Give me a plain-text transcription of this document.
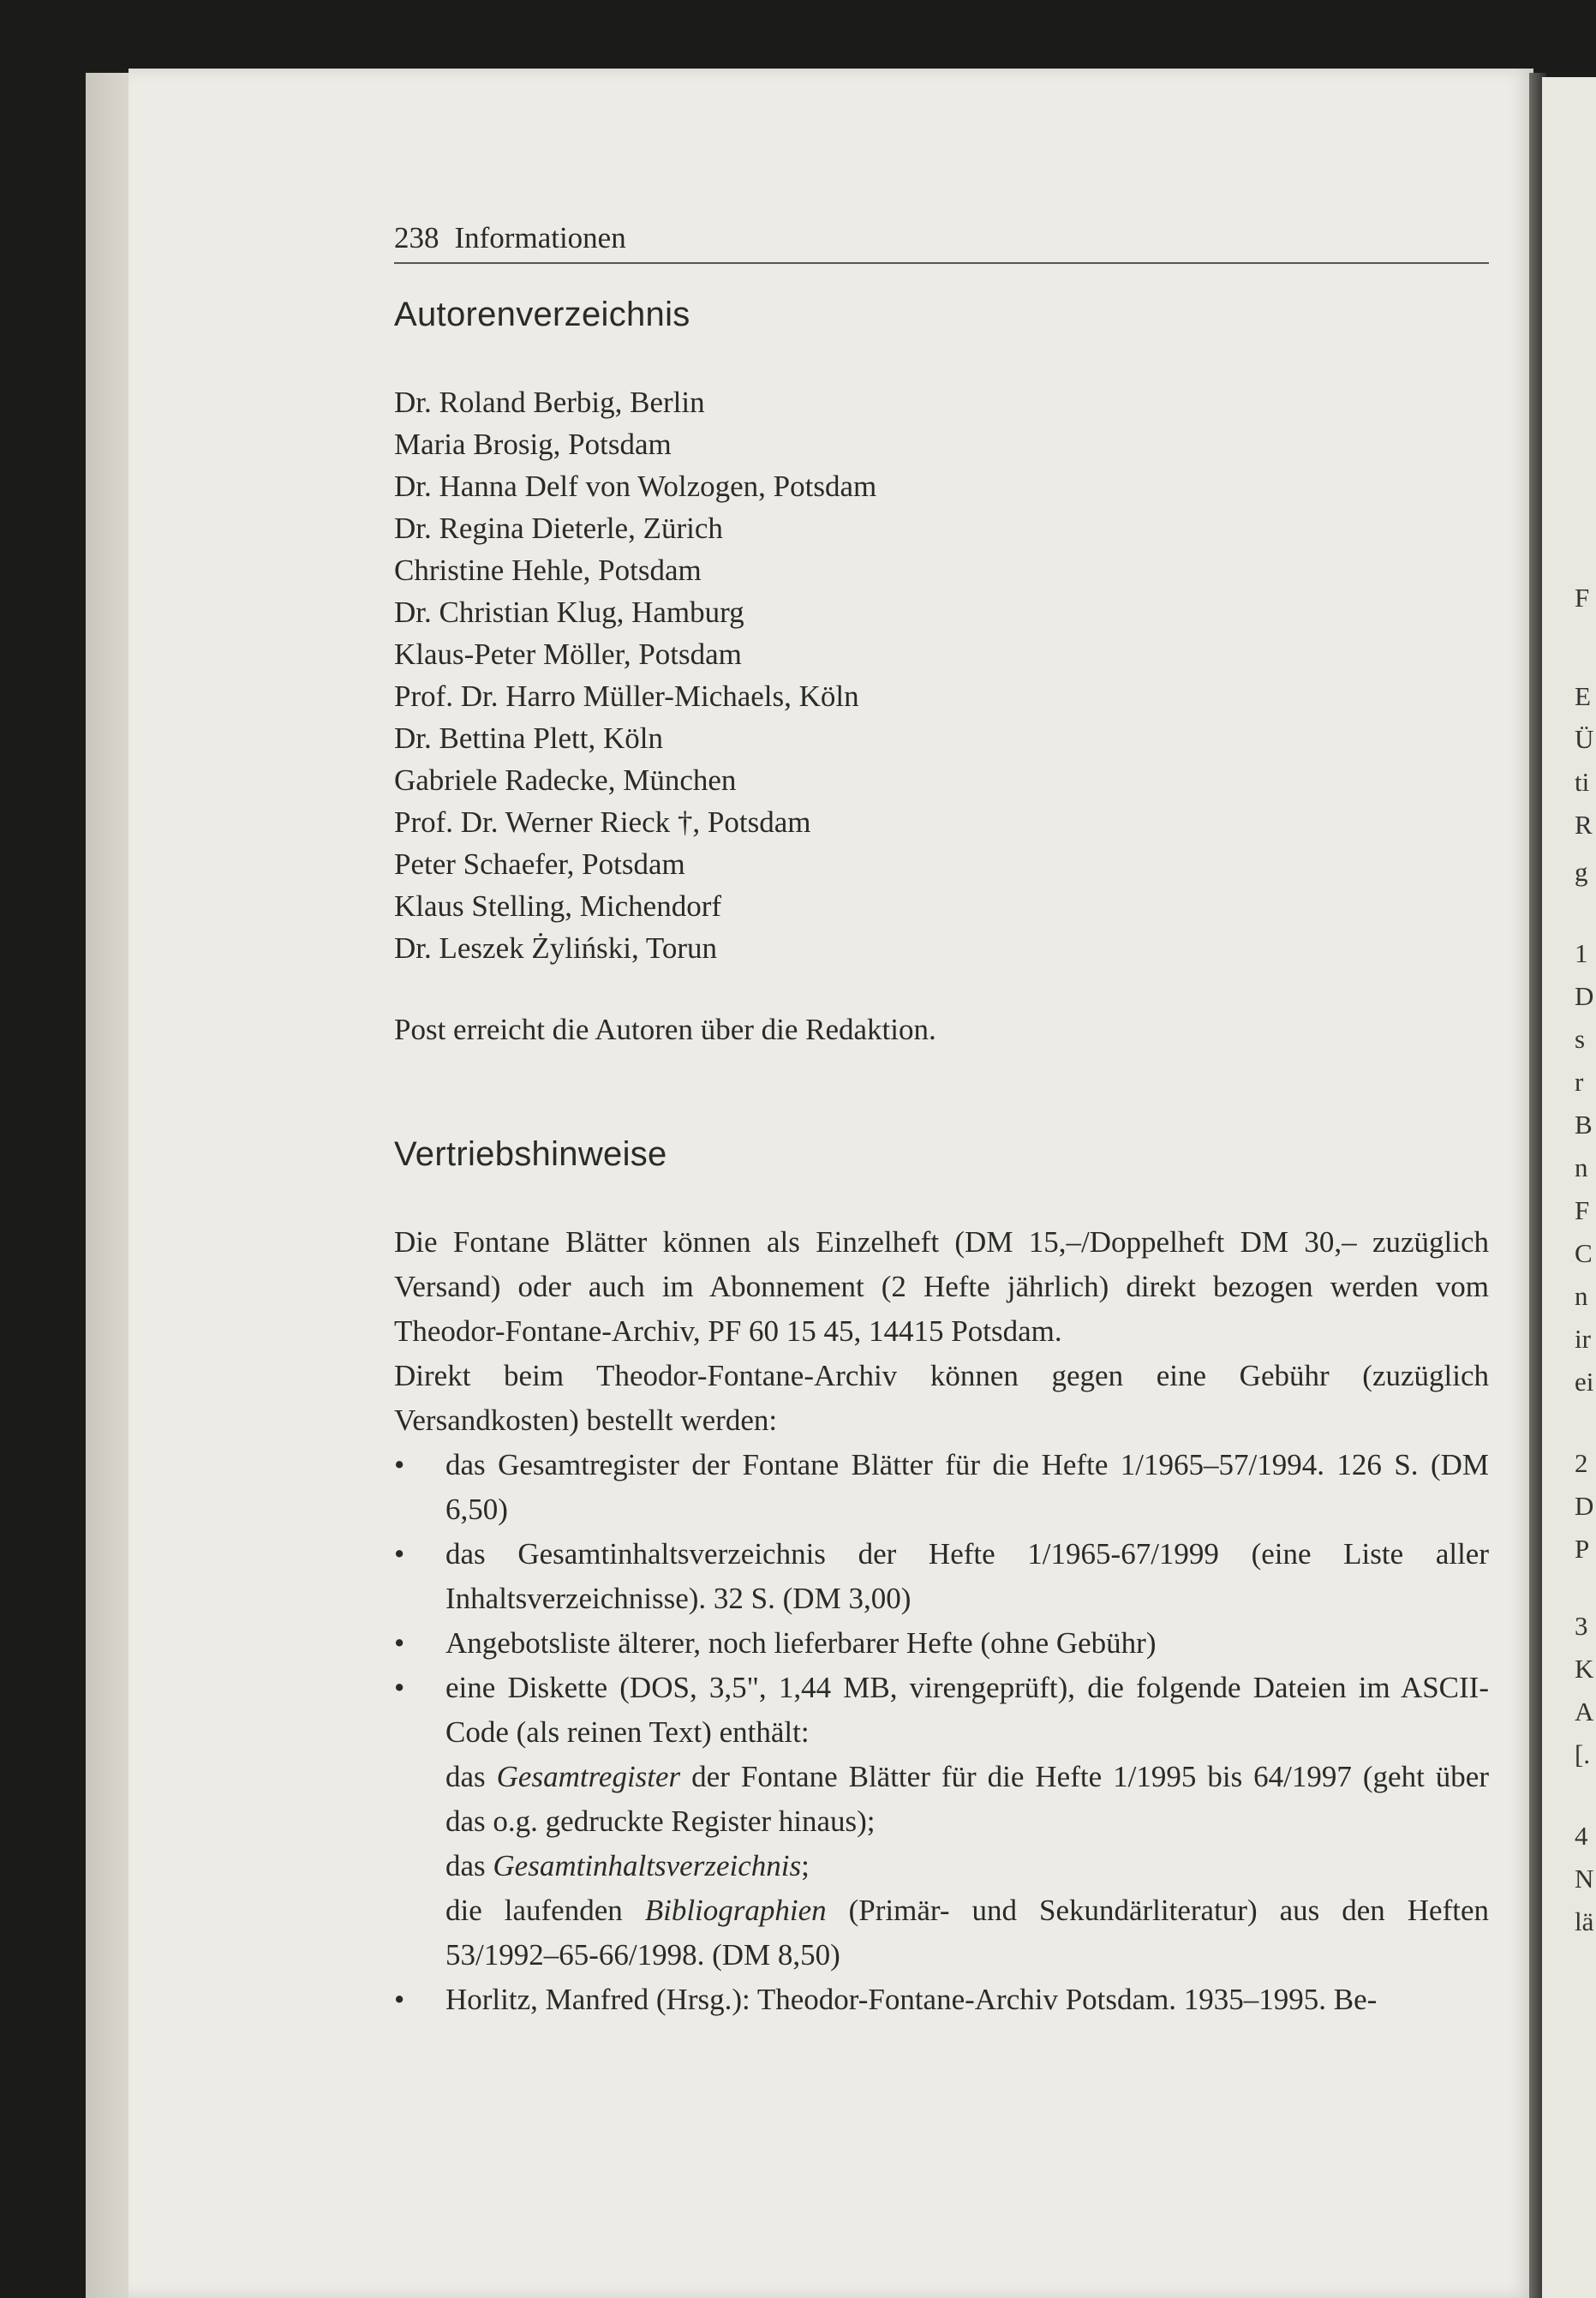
F
E
Ü
ti
R
g
1
D
s
r
B
n
F
C
n
ir
ei
2
D
P
3
K
A
[.
4
N
lä
238 Informationen
Autorenverzeichnis
Dr. Roland Berbig, Berlin
Maria Brosig, Potsdam
Dr. Hanna Delf von Wolzogen, Potsdam
Dr. Regina Dieterle, Zürich
Christine Hehle, Potsdam
Dr. Christian Klug, Hamburg
Klaus-Peter Möller, Potsdam
Prof. Dr. Harro Müller-Michaels, Köln
Dr. Bettina Plett, Köln
Gabriele Radecke, München
Prof. Dr. Werner Rieck †, Potsdam
Peter Schaefer, Potsdam
Klaus Stelling, Michendorf
Dr. Leszek Żyliński, Torun
Post erreicht die Autoren über die Redaktion.
Vertriebshinweise

Die Fontane Blätter können als Einzelheft (DM 15,–/Doppelheft DM 30,– zuzüglich Versand) oder auch im Abonnement (2 Hefte jährlich) direkt bezogen werden vom Theodor-Fontane-Archiv, PF 60 15 45, 14415 Potsdam.

Direkt beim Theodor-Fontane-Archiv können gegen eine Gebühr (zuzüglich Versandkosten) bestellt werden:

• das Gesamtregister der Fontane Blätter für die Hefte 1/1965–57/1994. 126 S. (DM 6,50)
• das Gesamtinhaltsverzeichnis der Hefte 1/1965-67/1999 (eine Liste aller Inhaltsverzeichnisse). 32 S. (DM 3,00)
• Angebotsliste älterer, noch lieferbarer Hefte (ohne Gebühr)
• eine Diskette (DOS, 3,5", 1,44 MB, virengeprüft), die folgende Dateien im ASCII-Code (als reinen Text) enthält:
das Gesamtregister der Fontane Blätter für die Hefte 1/1995 bis 64/1997 (geht über das o.g. gedruckte Register hinaus);
das Gesamtinhaltsverzeichnis;
die laufenden Bibliographien (Primär- und Sekundärliteratur) aus den Heften 53/1992–65-66/1998. (DM 8,50)
• Horlitz, Manfred (Hrsg.): Theodor-Fontane-Archiv Potsdam. 1935–1995. Be-
